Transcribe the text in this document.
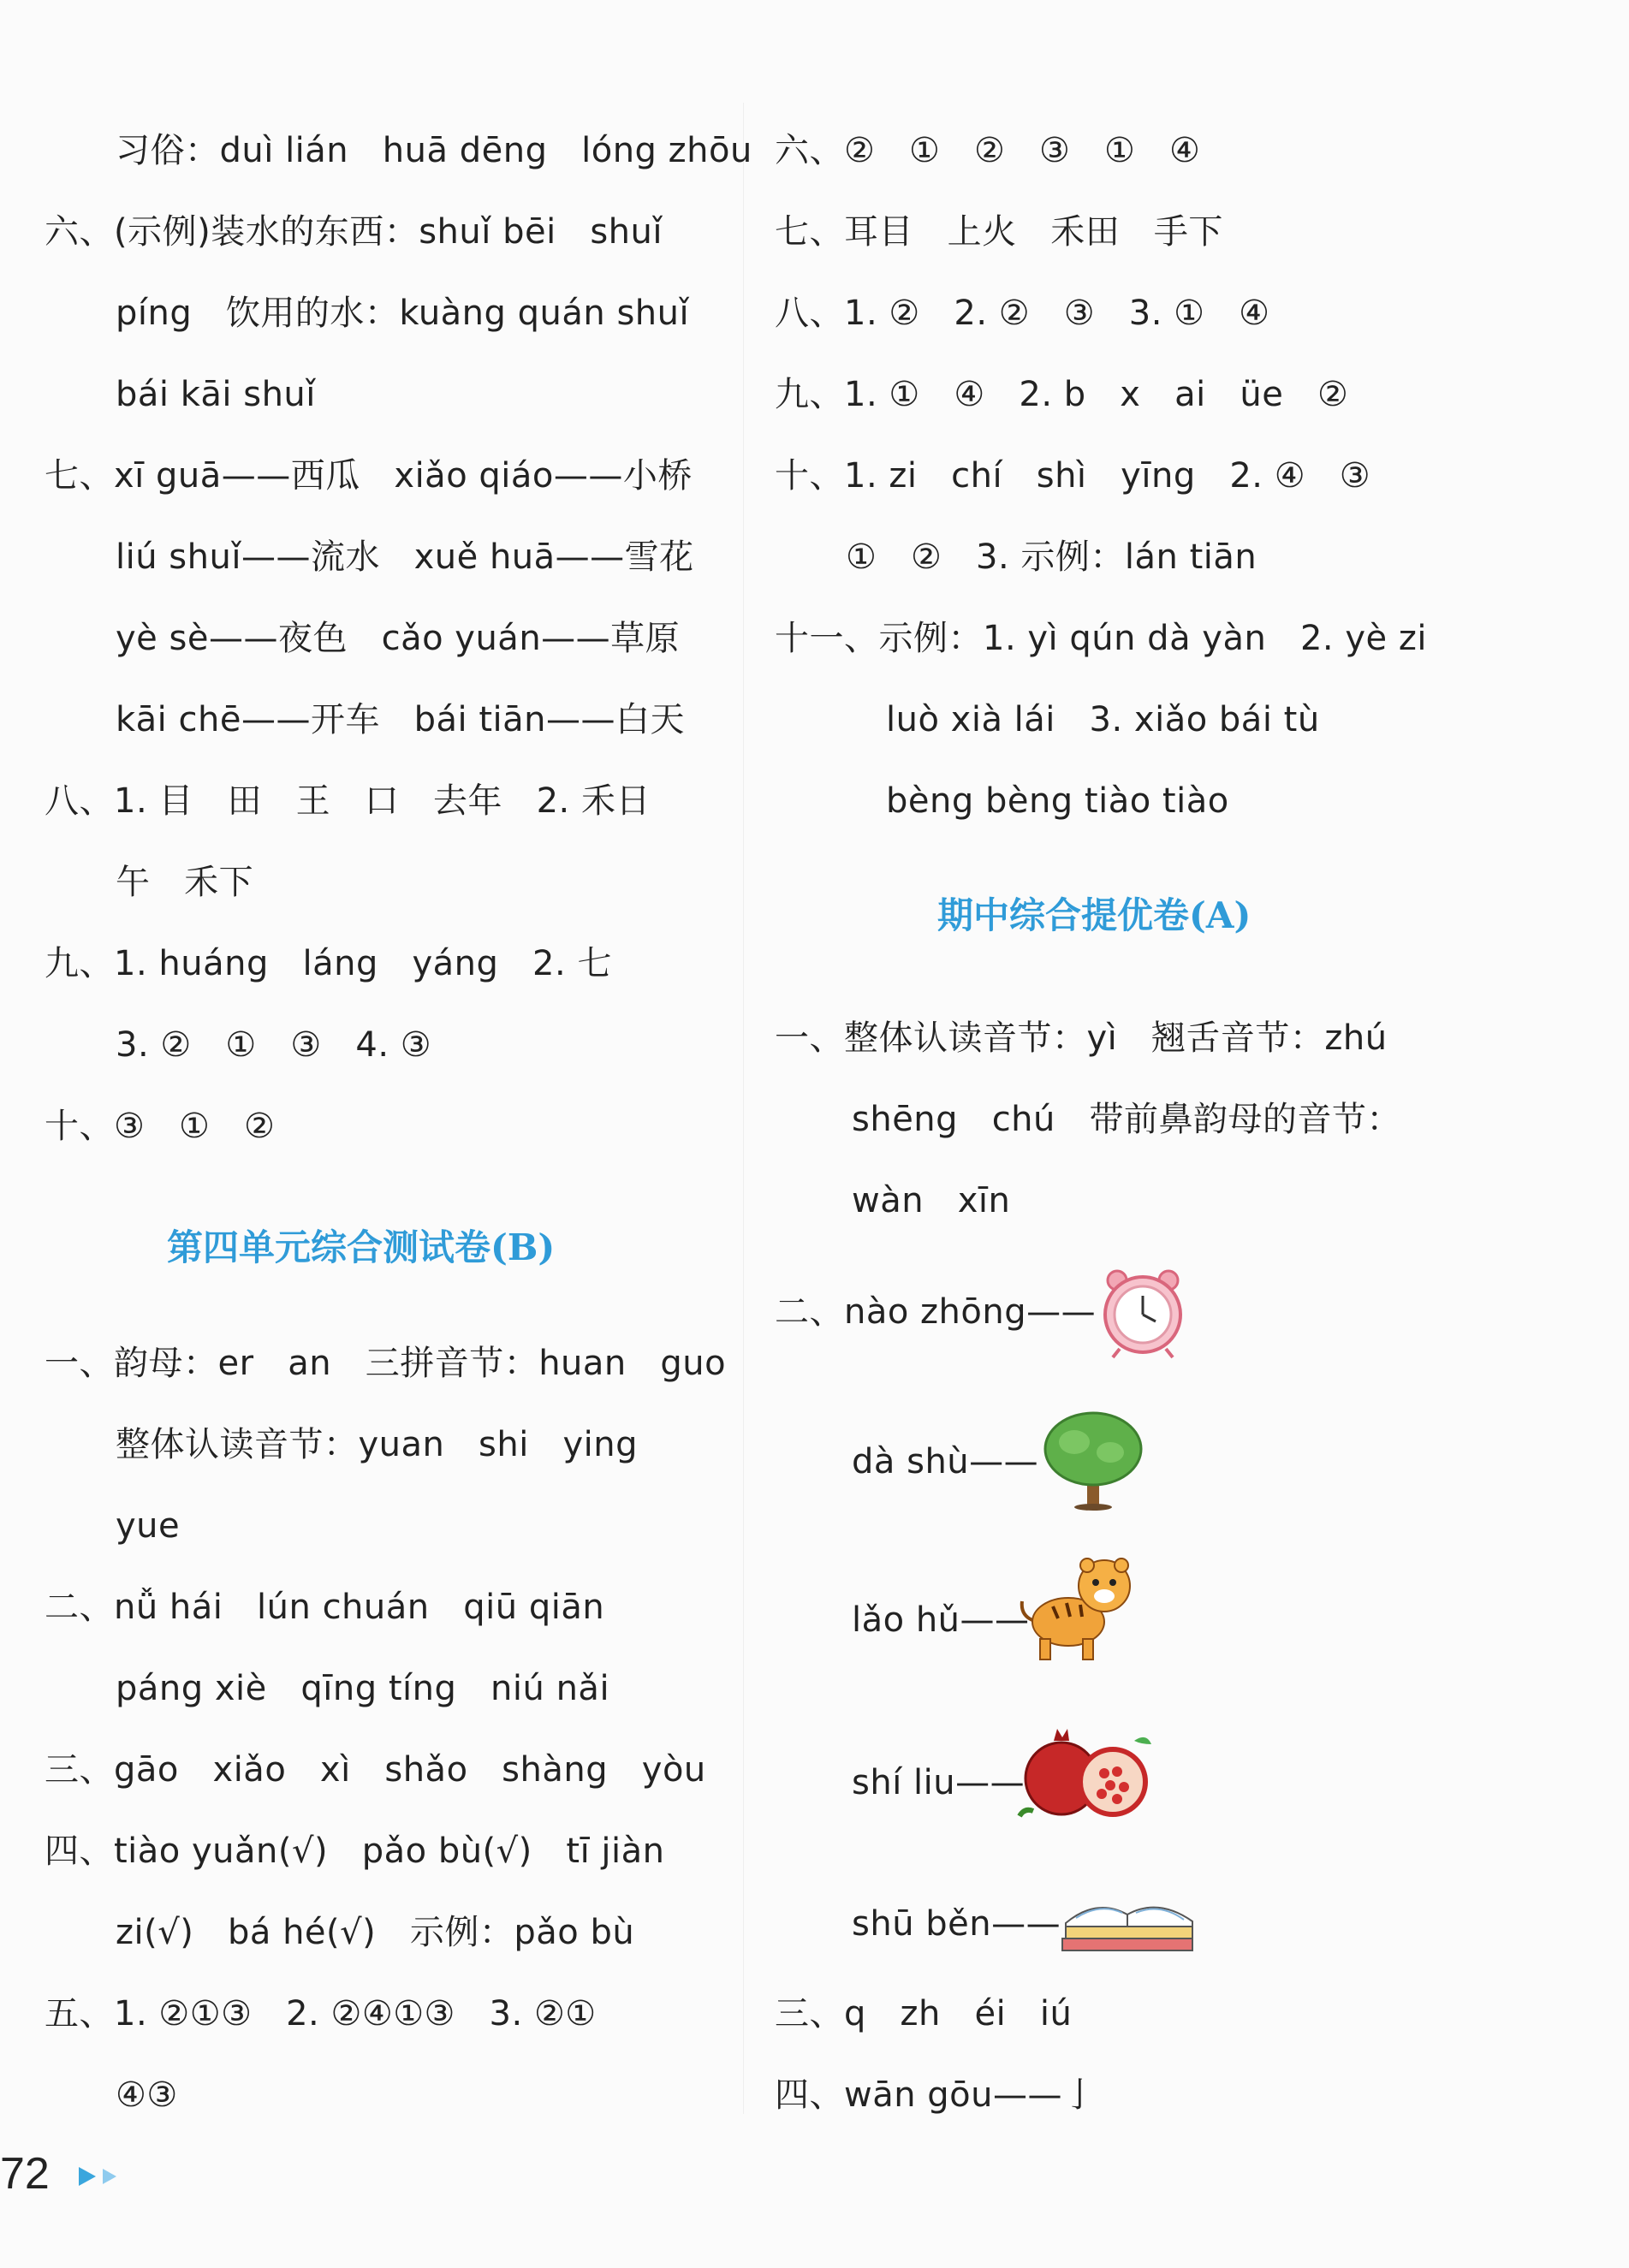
习俗：duì lián   huā dēng   lóng zhōu
六、(示例)装水的东西：shuǐ bēi   shuǐ
píng   饮用的水：kuàng quán shuǐ
bái kāi shuǐ
七、xī guā——西瓜   xiǎo qiáo——小桥
liú shuǐ——流水   xuě huā——雪花
yè sè——夜色   cǎo yuán——草原
kāi chē——开车   bái tiān——白天
八、1. 目   田   王   口   去年   2. 禾日
午   禾下
九、1. huáng   láng   yáng   2. 七
3. ②   ①   ③   4. ③
十、③   ①   ②
第四单元综合测试卷(B)
一、韵母：er   an   三拼音节：huan   guo
整体认读音节：yuan   shi   ying
yue
二、nǚ hái   lún chuán   qiū qiān
páng xiè   qīng tíng   niú nǎi
三、gāo   xiǎo   xì   shǎo   shàng   yòu
四、tiào yuǎn(√)   pǎo bù(√)   tī jiàn
zi(√)   bá hé(√)   示例：pǎo bù
五、1. ②①③   2. ②④①③   3. ②①
④③
六、②   ①   ②   ③   ①   ④
七、耳目   上火   禾田   手下
八、1. ②   2. ②   ③   3. ①   ④
九、1. ①   ④   2. b   x   ai   üe   ②
十、1. zi   chí   shì   yīng   2. ④   ③
①   ②   3. 示例：lán tiān
十一、示例：1. yì qún dà yàn   2. yè zi
luò xià lái   3. xiǎo bái tù
bèng bèng tiào tiào
期中综合提优卷(A)
一、整体认读音节：yì   翘舌音节：zhú
shēng   chú   带前鼻韵母的音节：
wàn   xīn
二、nào zhōng——
dà shù——
lǎo hǔ——
shí liu——
shū běn——
三、q   zh   éi   iú
四、wān gōu——亅
72
